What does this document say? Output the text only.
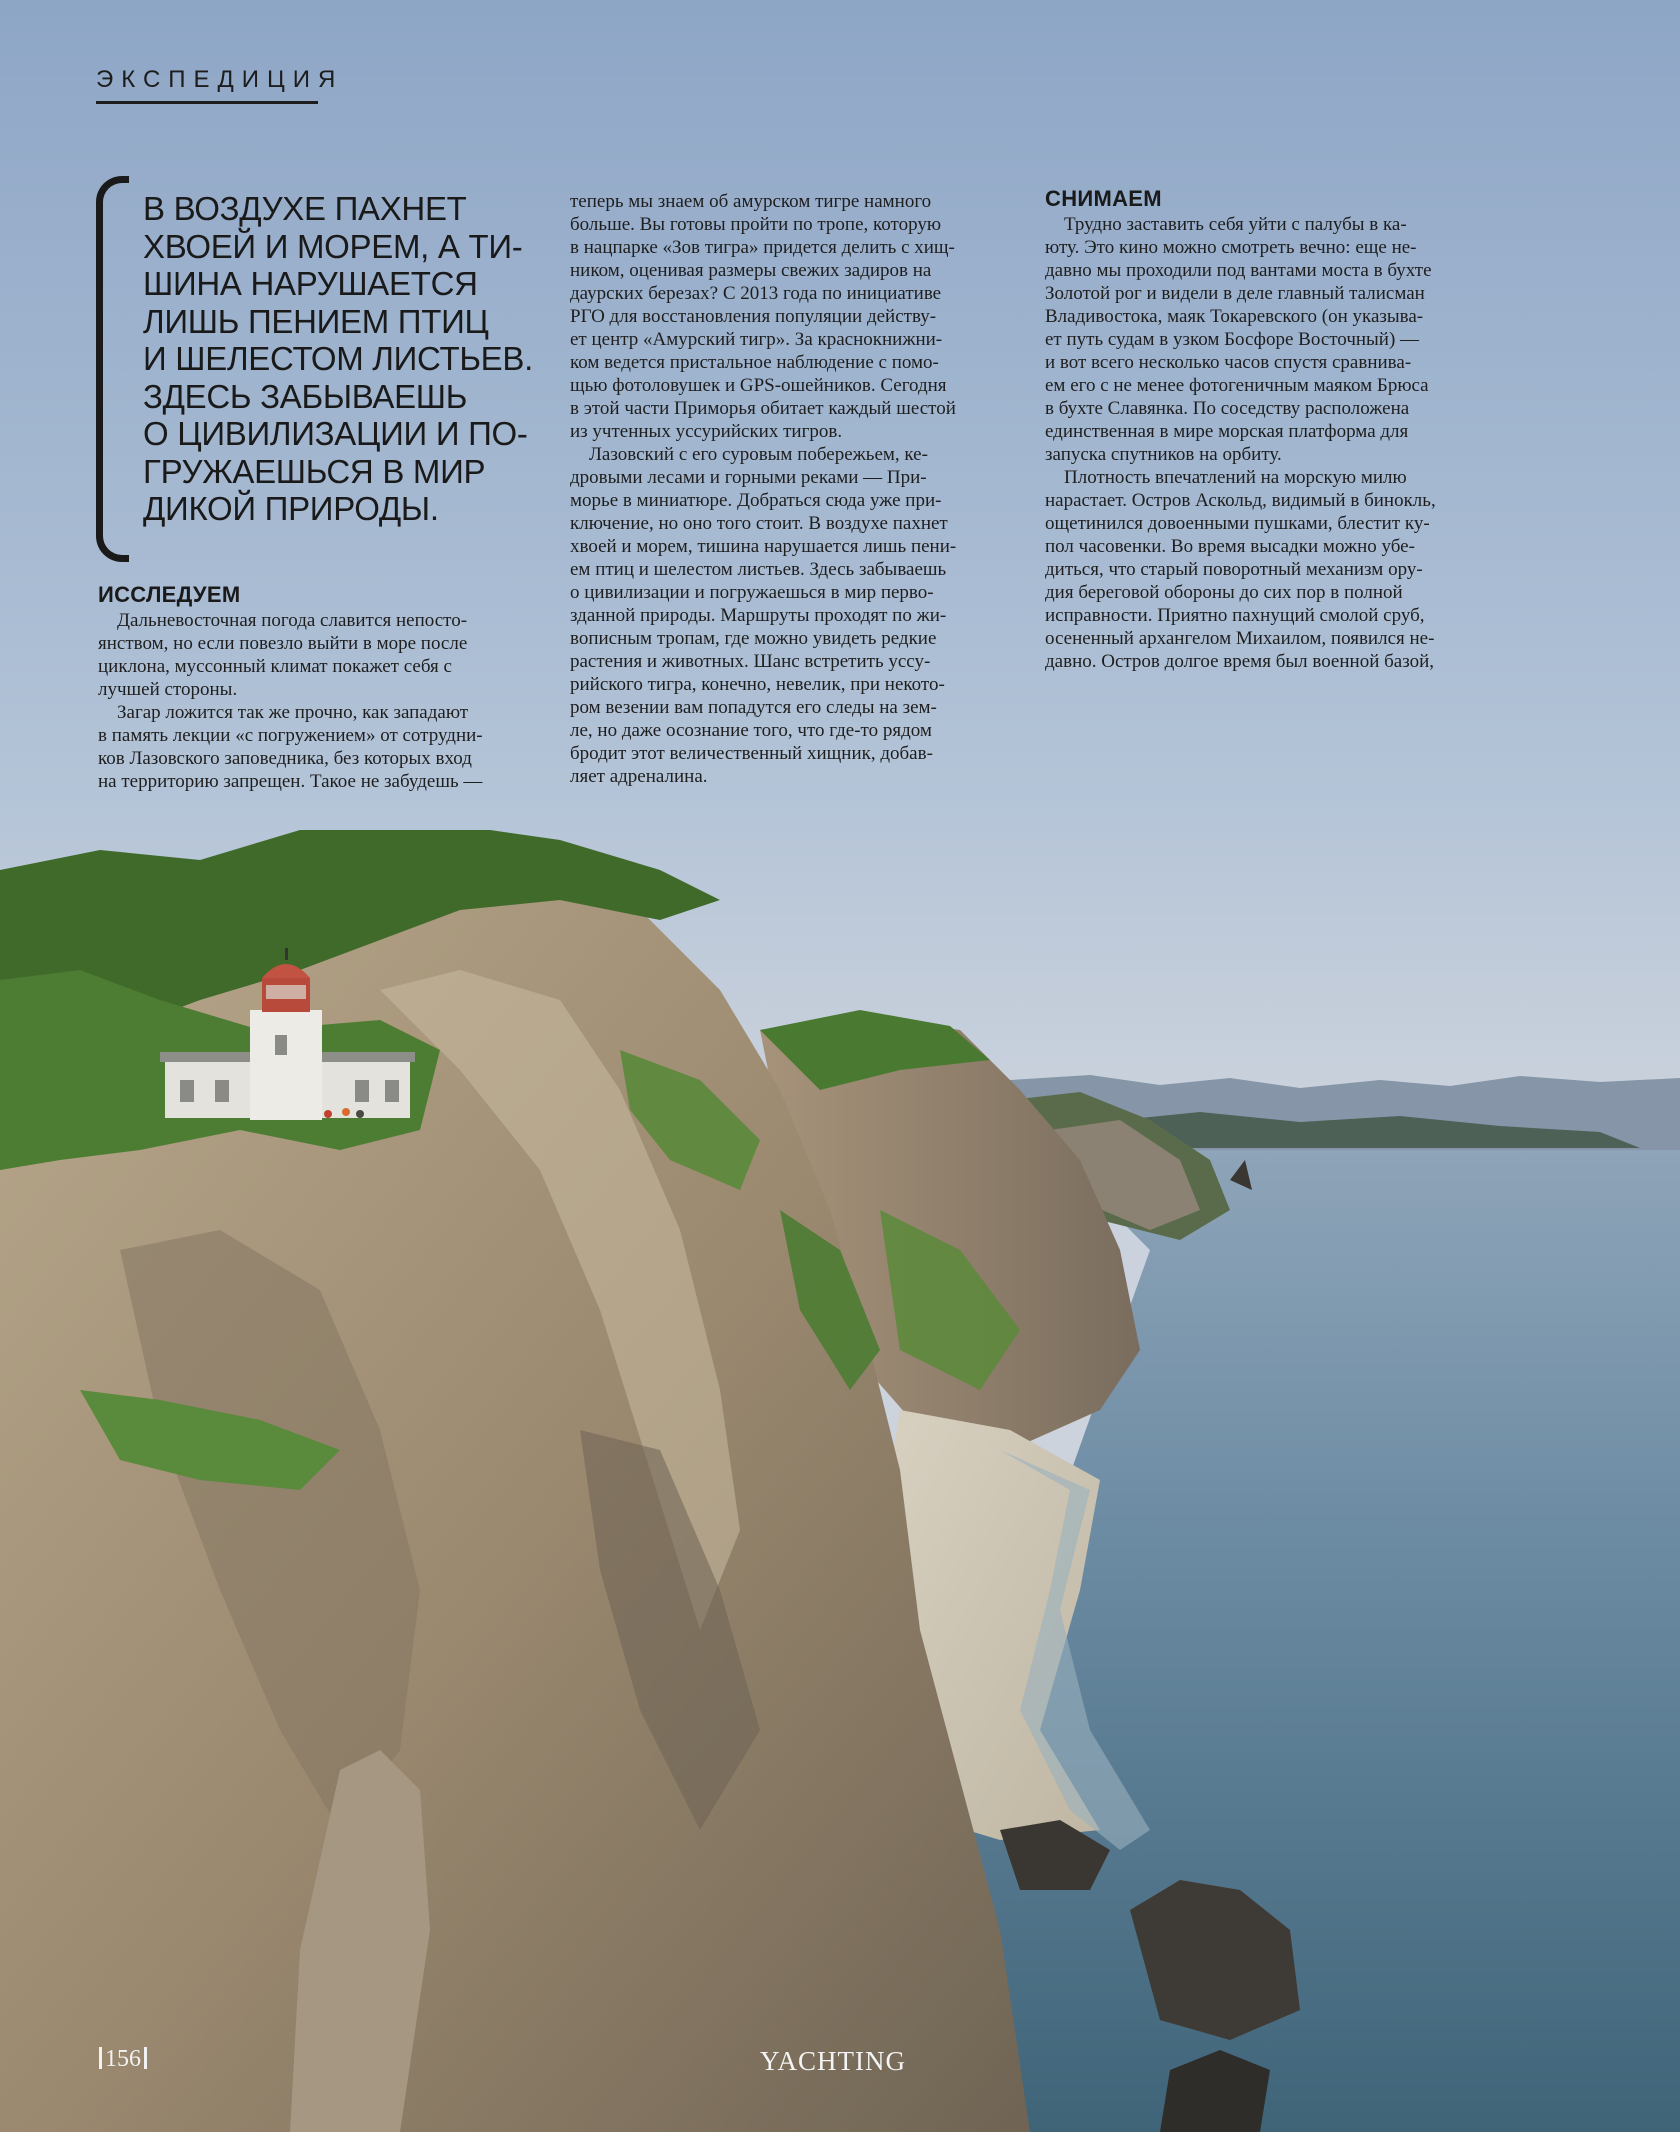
ЭКСПЕДИЦИЯ
В ВОЗДУХЕ ПАХНЕТ
ХВОЕЙ И МОРЕМ, А ТИ-
ШИНА НАРУШАЕТСЯ
ЛИШЬ ПЕНИЕМ ПТИЦ
И ШЕЛЕСТОМ ЛИСТЬЕВ.
ЗДЕСЬ ЗАБЫВАЕШЬ
О ЦИВИЛИЗАЦИИ И ПО-
ГРУЖАЕШЬСЯ В МИР
ДИКОЙ ПРИРОДЫ.
ИССЛЕДУЕМ
Дальневосточная погода славится непосто-
янством, но если повезло выйти в море после
циклона, муссонный климат покажет себя с
лучшей стороны.
Загар ложится так же прочно, как западают
в память лекции «с погружением» от сотрудни-
ков Лазовского заповедника, без которых вход
на территорию запрещен. Такое не забудешь —
теперь мы знаем об амурском тигре намного
больше. Вы готовы пройти по тропе, которую
в нацпарке «Зов тигра» придется делить с хищ-
ником, оценивая размеры свежих задиров на
даурских березах? С 2013 года по инициативе
РГО для восстановления популяции действу-
ет центр «Амурский тигр». За краснокнижни-
ком ведется пристальное наблюдение с помо-
щью фотоловушек и GPS-ошейников. Сегодня
в этой части Приморья обитает каждый шестой
из учтенных уссурийских тигров.
Лазовский с его суровым побережьем, ке-
дровыми лесами и горными реками — При-
морье в миниатюре. Добраться сюда уже при-
ключение, но оно того стоит. В воздухе пахнет
хвоей и морем, тишина нарушается лишь пени-
ем птиц и шелестом листьев. Здесь забываешь
о цивилизации и погружаешься в мир перво-
зданной природы. Маршруты проходят по жи-
вописным тропам, где можно увидеть редкие
растения и животных. Шанс встретить уссу-
рийского тигра, конечно, невелик, при некото-
ром везении вам попадутся его следы на зем-
ле, но даже осознание того, что где-то рядом
бродит этот величественный хищник, добав-
ляет адреналина.
СНИМАЕМ
Трудно заставить себя уйти с палубы в ка-
юту. Это кино можно смотреть вечно: еще не-
давно мы проходили под вантами моста в бухте
Золотой рог и видели в деле главный талисман
Владивостока, маяк Токаревского (он указыва-
ет путь судам в узком Босфоре Восточный) —
и вот всего несколько часов спустя сравнива-
ем его с не менее фотогеничным маяком Брюса
в бухте Славянка. По соседству расположена
единственная в мире морская платформа для
запуска спутников на орбиту.
Плотность впечатлений на морскую милю
нарастает. Остров Аскольд, видимый в бинокль,
ощетинился довоенными пушками, блестит ку-
пол часовенки. Во время высадки можно убе-
диться, что старый поворотный механизм ору-
дия береговой обороны до сих пор в полной
исправности. Приятно пахнущий смолой сруб,
осененный архангелом Михаилом, появился не-
давно. Остров долгое время был военной базой,
156	YACHTING
